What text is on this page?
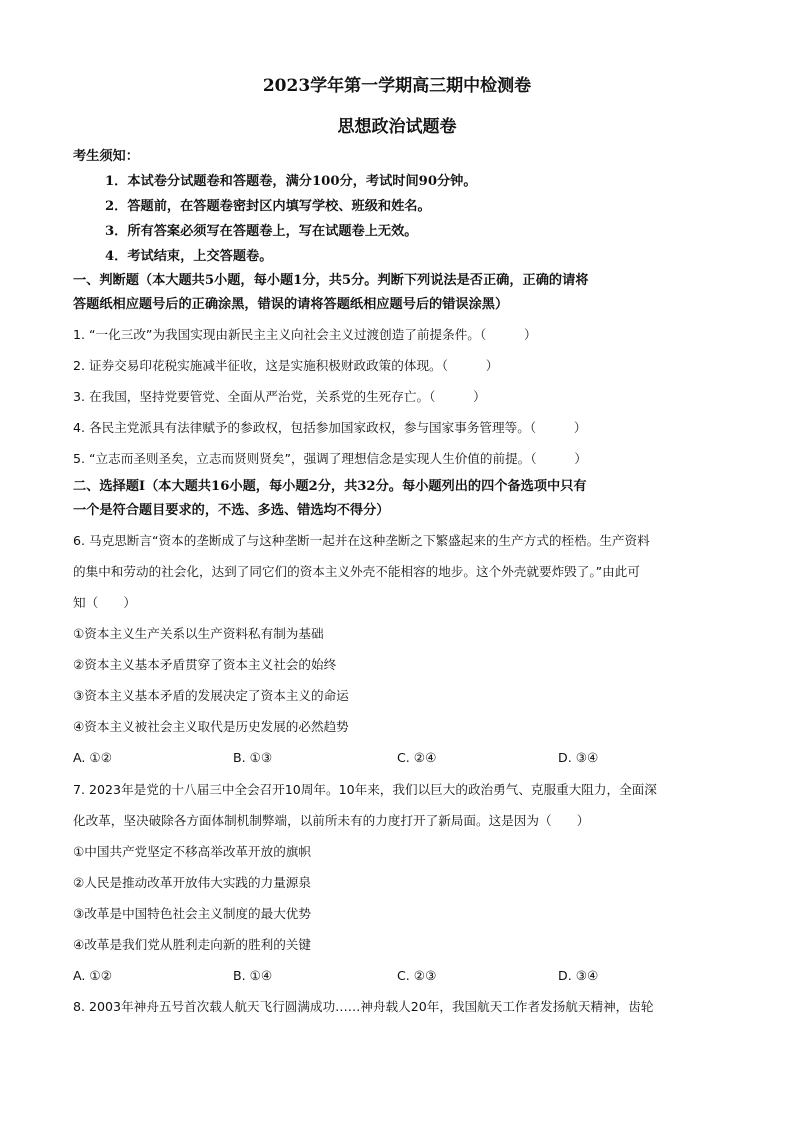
2023学年第一学期高三期中检测卷
思想政治试题卷
考生须知：
1．本试卷分试题卷和答题卷，满分100分，考试时间90分钟。
2．答题前，在答题卷密封区内填写学校、班级和姓名。
3．所有答案必须写在答题卷上，写在试题卷上无效。
4．考试结束，上交答题卷。
一、判断题（本大题共5小题，每小题1分，共5分。判断下列说法是否正确，正确的请将
答题纸相应题号后的正确涂黑，错误的请将答题纸相应题号后的错误涂黑）
1. “一化三改”为我国实现由新民主主义向社会主义过渡创造了前提条件。（　　　）
2. 证券交易印花税实施减半征收，这是实施积极财政政策的体现。（　　　）
3. 在我国，坚持党要管党、全面从严治党，关系党的生死存亡。（　　　）
4. 各民主党派具有法律赋予的参政权，包括参加国家政权，参与国家事务管理等。（　　　）
5. “立志而圣则圣矣，立志而贤则贤矣”，强调了理想信念是实现人生价值的前提。（　　　）
二、选择题Ⅰ（本大题共16小题，每小题2分，共32分。每小题列出的四个备选项中只有
一个是符合题目要求的，不选、多选、错选均不得分）
6. 马克思断言“资本的垄断成了与这种垄断一起并在这种垄断之下繁盛起来的生产方式的桎梏。生产资料
的集中和劳动的社会化，达到了同它们的资本主义外壳不能相容的地步。这个外壳就要炸毁了。”由此可
知（　　）
①资本主义生产关系以生产资料私有制为基础
②资本主义基本矛盾贯穿了资本主义社会的始终
③资本主义基本矛盾的发展决定了资本主义的命运
④资本主义被社会主义取代是历史发展的必然趋势
A. ①②	B. ①③	C. ②④	D. ③④
7. 2023年是党的十八届三中全会召开10周年。10年来，我们以巨大的政治勇气、克服重大阻力，全面深
化改革，坚决破除各方面体制机制弊端，以前所未有的力度打开了新局面。这是因为（　　）
①中国共产党坚定不移高举改革开放的旗帜
②人民是推动改革开放伟大实践的力量源泉
③改革是中国特色社会主义制度的最大优势
④改革是我们党从胜利走向新的胜利的关键
A. ①②	B. ①④	C. ②③	D. ③④
8. 2003年神舟五号首次载人航天飞行圆满成功……神舟载人20年，我国航天工作者发扬航天精神，齿轮
